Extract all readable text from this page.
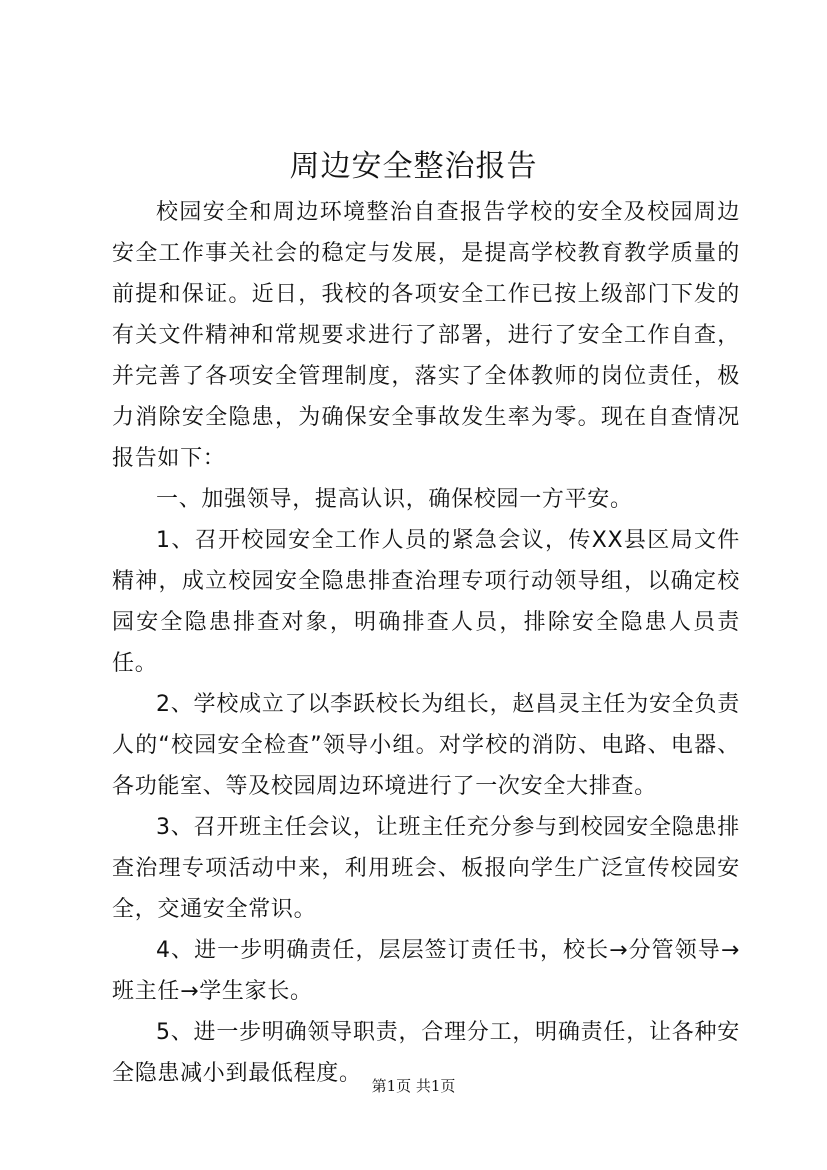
周边安全整治报告

校园安全和周边环境整治自查报告学校的安全及校园周边安全工作事关社会的稳定与发展，是提高学校教育教学质量的前提和保证。近日，我校的各项安全工作已按上级部门下发的有关文件精神和常规要求进行了部署，进行了安全工作自查，并完善了各项安全管理制度，落实了全体教师的岗位责任，极力消除安全隐患，为确保安全事故发生率为零。现在自查情况报告如下：

一、加强领导，提高认识，确保校园一方平安。

1、召开校园安全工作人员的紧急会议，传XX县区局文件精神，成立校园安全隐患排查治理专项行动领导组，以确定校园安全隐患排查对象，明确排查人员，排除安全隐患人员责任。

2、学校成立了以李跃校长为组长，赵昌灵主任为安全负责人的“校园安全检查”领导小组。对学校的消防、电路、电器、各功能室、等及校园周边环境进行了一次安全大排查。

3、召开班主任会议，让班主任充分参与到校园安全隐患排查治理专项活动中来，利用班会、板报向学生广泛宣传校园安全，交通安全常识。

4、进一步明确责任，层层签订责任书，校长→分管领导→班主任→学生家长。

5、进一步明确领导职责，合理分工，明确责任，让各种安全隐患减小到最低程度。 第1页 共1页
